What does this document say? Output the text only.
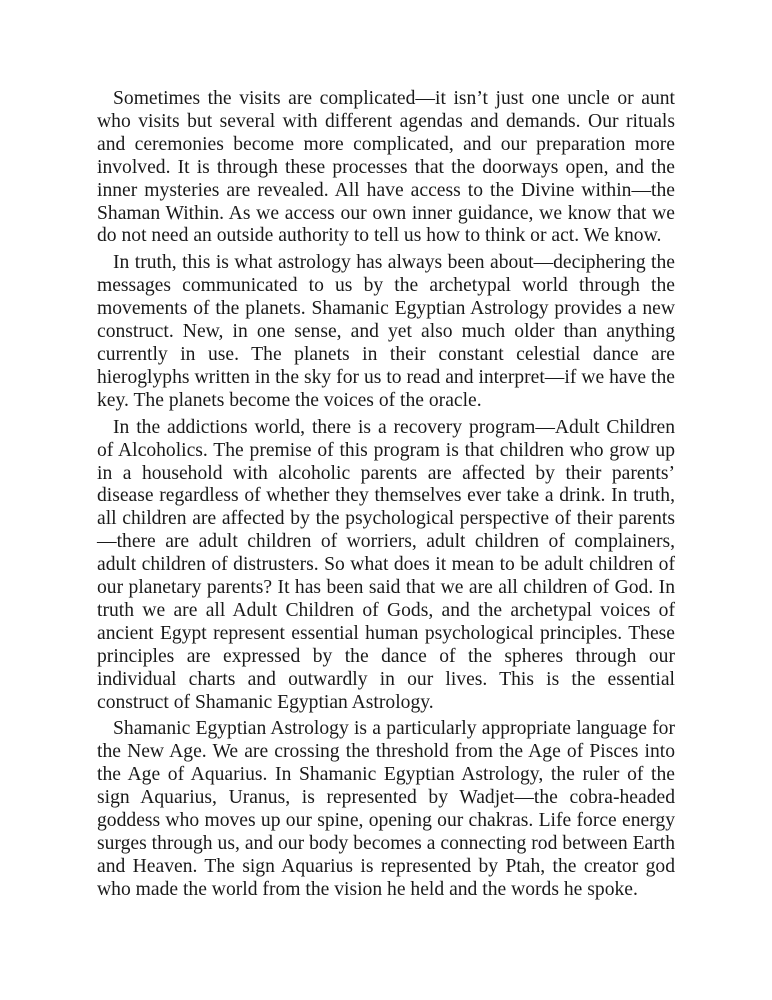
Sometimes the visits are complicated—it isn’t just one uncle or aunt who visits but several with different agendas and demands. Our rituals and ceremonies become more complicated, and our preparation more involved. It is through these processes that the doorways open, and the inner mysteries are revealed. All have access to the Divine within—the Shaman Within. As we access our own inner guidance, we know that we do not need an outside authority to tell us how to think or act. We know.

In truth, this is what astrology has always been about—deciphering the messages communicated to us by the archetypal world through the movements of the planets. Shamanic Egyptian Astrology provides a new construct. New, in one sense, and yet also much older than anything currently in use. The planets in their constant celestial dance are hieroglyphs written in the sky for us to read and interpret—if we have the key. The planets become the voices of the oracle.

In the addictions world, there is a recovery program—Adult Children of Alcoholics. The premise of this program is that children who grow up in a household with alcoholic parents are affected by their parents’ disease regardless of whether they themselves ever take a drink. In truth, all children are affected by the psychological perspective of their parents—there are adult children of worriers, adult children of complainers, adult children of distrusters. So what does it mean to be adult children of our planetary parents? It has been said that we are all children of God. In truth we are all Adult Children of Gods, and the archetypal voices of ancient Egypt represent essential human psychological principles. These principles are expressed by the dance of the spheres through our individual charts and outwardly in our lives. This is the essential construct of Shamanic Egyptian Astrology.

Shamanic Egyptian Astrology is a particularly appropriate language for the New Age. We are crossing the threshold from the Age of Pisces into the Age of Aquarius. In Shamanic Egyptian Astrology, the ruler of the sign Aquarius, Uranus, is represented by Wadjet—the cobra-headed goddess who moves up our spine, opening our chakras. Life force energy surges through us, and our body becomes a connecting rod between Earth and Heaven. The sign Aquarius is represented by Ptah, the creator god who made the world from the vision he held and the words he spoke.
